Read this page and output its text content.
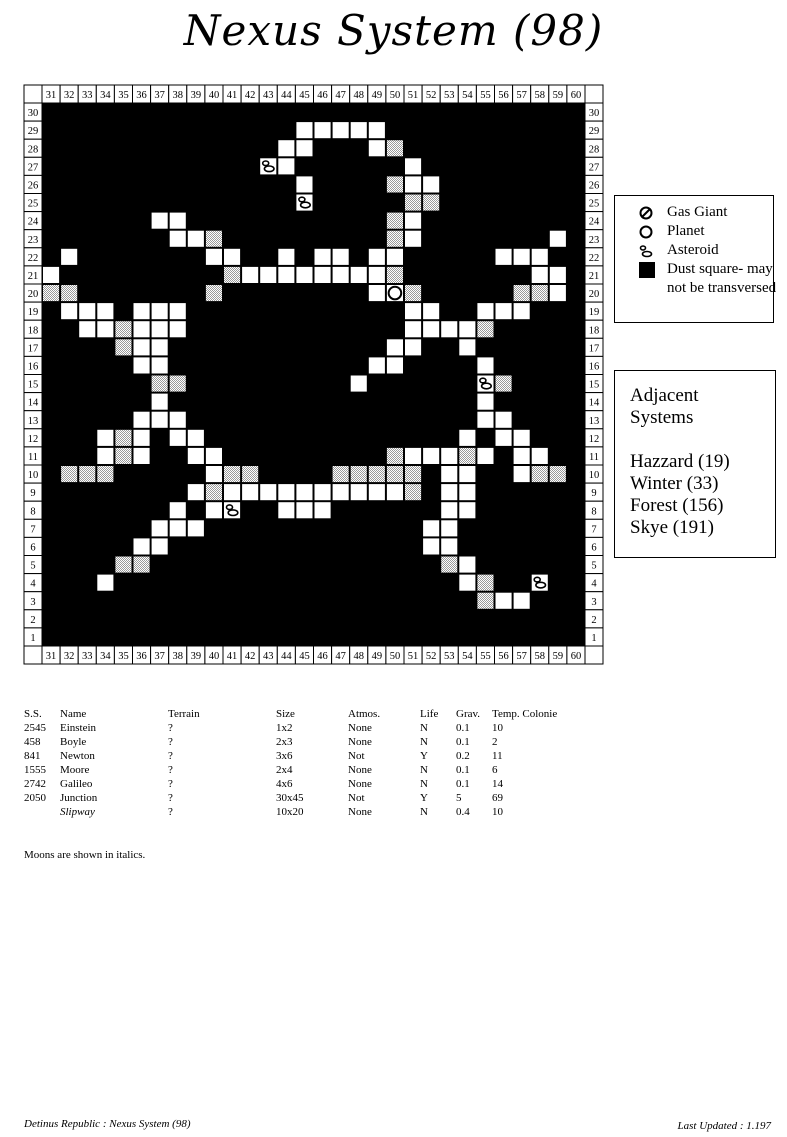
Nexus System (98)
31
31
32
32
33
33
34
34
35
35
36
36
37
37
38
38
39
39
40
40
41
41
42
42
43
43
44
44
45
45
46
46
47
47
48
48
49
49
50
50
51
51
52
52
53
53
54
54
55
55
56
56
57
57
58
58
59
59
60
60
30	30
29	29
28	28
27	27
26	26
25	25
24	24
23	23
22	22
21	21
20	20
19	19
18	18
17	17
16	16
15	15
14	14
13	13
12	12
11	11
10	10
9	9
8	8
7	7
6	6
5	5
4	4
3	3
2	2
1	1
Gas Giant
Planet
Asteroid
Dust square- may not be transversed
Adjacent Systems
Hazzard (19)
Winter (33)
Forest (156)
Skye (191)
S.S. Name	Terrain	Size	Atmos.	Life Grav. Temp. Colonie
2545 Einstein	?	1x2	None	N	0.1 10
458 Boyle	?	2x3	None	N	0.1 2
841 Newton	?	3x6	Not	Y	0.2 11
1555 Moore	?	2x4	None	N	0.1 6
2742 Galileo	?	4x6	None	N	0.1 14
2050 Junction	?	30x45	Not	Y	5	69
Slipway	?	10x20	None	N	0.4 10
Moons are shown in italics.
Detinus Republic : Nexus System (98)	Last Updated : 1.197
